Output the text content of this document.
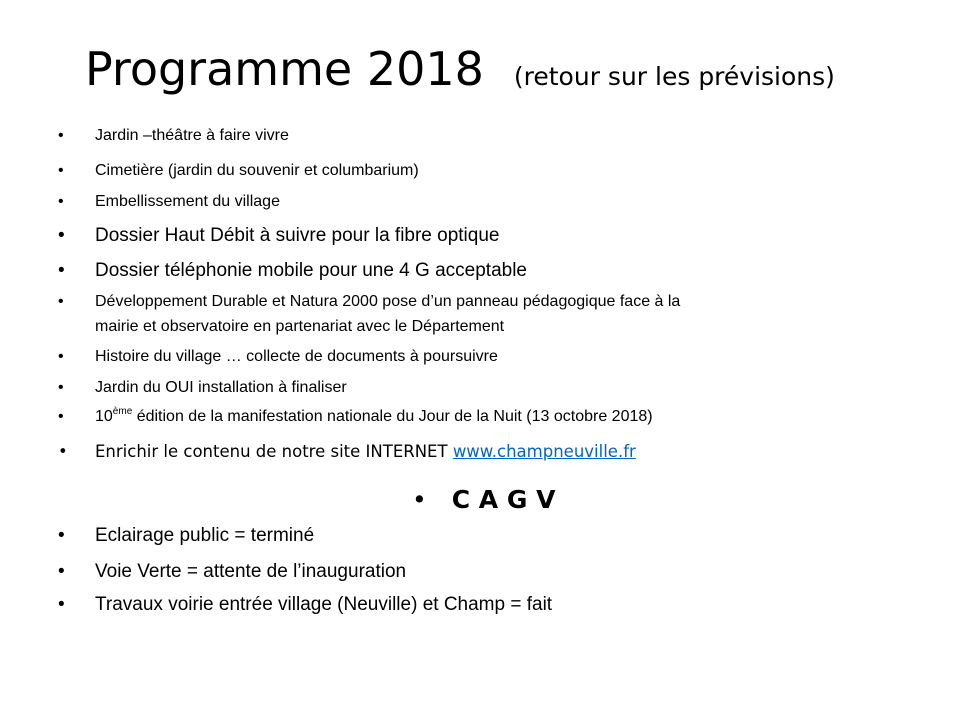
Programme 2018 (retour sur les prévisions)
• Jardin –théâtre à faire vivre
• Cimetière (jardin du souvenir et columbarium)
• Embellissement du village
• Dossier Haut Débit à suivre pour la fibre optique
• Dossier téléphonie mobile pour une 4 G acceptable
• Développement Durable et Natura 2000 pose d’un panneau pédagogique face à la
mairie et observatoire en partenariat avec le Département
• Histoire du village … collecte de documents à poursuivre
• Jardin du OUI installation à finaliser
• 10ème édition de la manifestation nationale du Jour de la Nuit (13 octobre 2018)
• Enrichir le contenu de notre site INTERNET www.champneuville.fr
• C A G V
• Eclairage public = terminé
• Voie Verte = attente de l’inauguration
• Travaux voirie entrée village (Neuville) et Champ = fait
